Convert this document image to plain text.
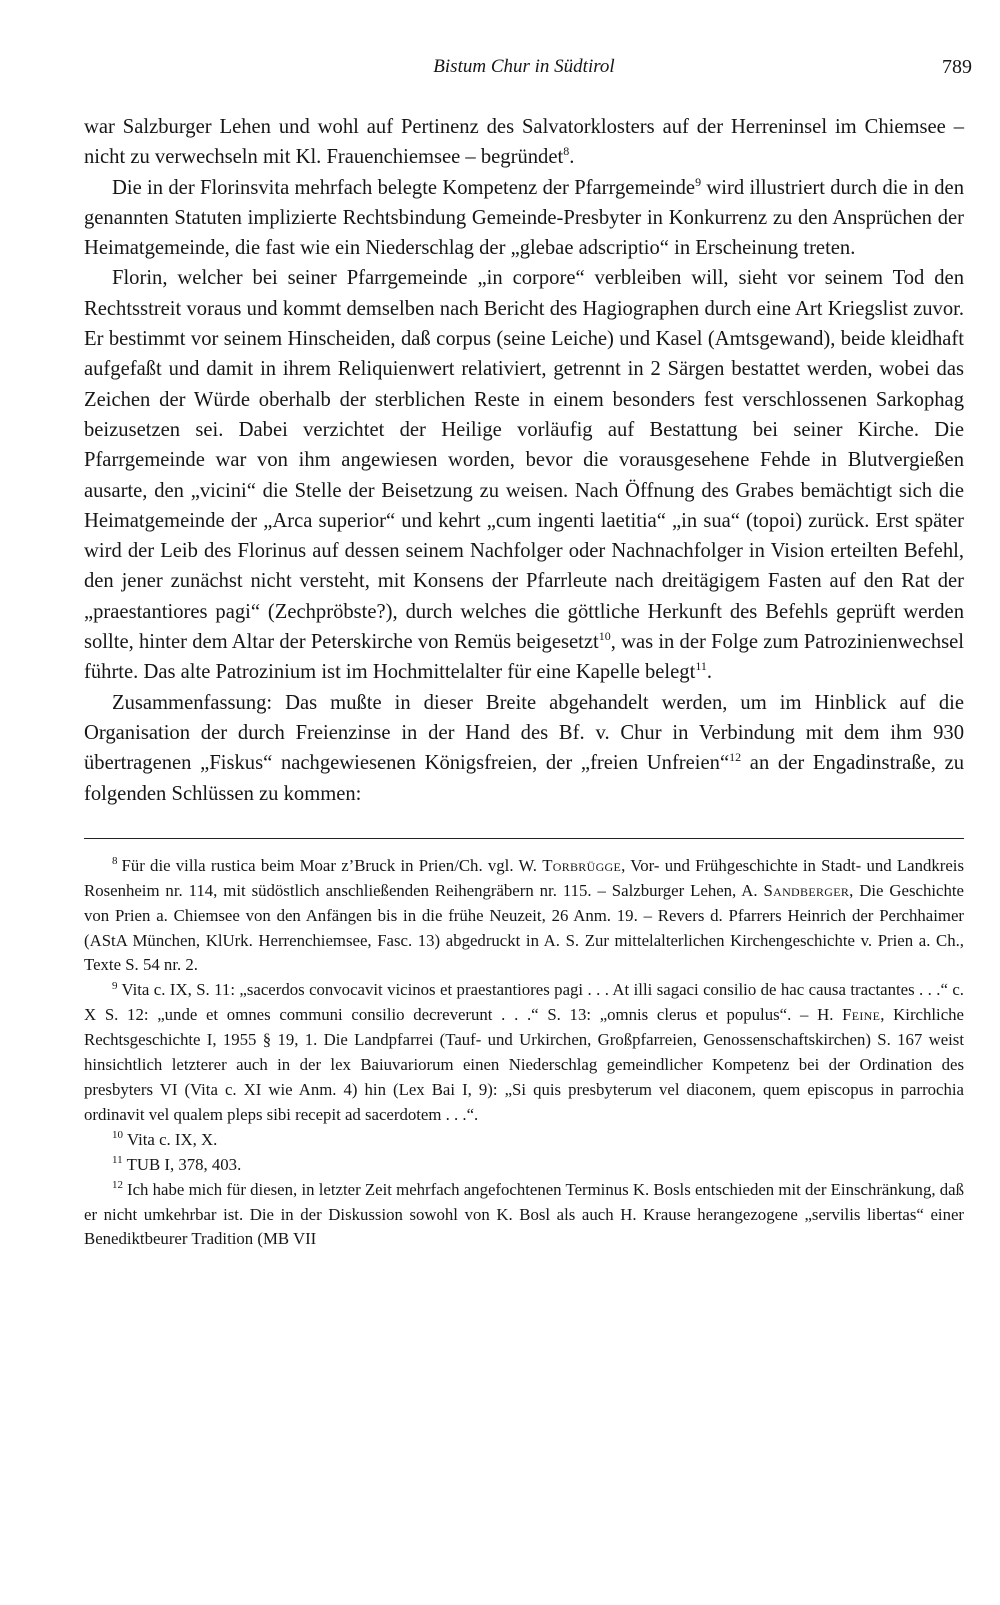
Bistum Chur in Südtirol	789

war Salzburger Lehen und wohl auf Pertinenz des Salvatorklosters auf der Herreninsel im Chiemsee – nicht zu verwechseln mit Kl. Frauenchiemsee – begründet$^8$.

Die in der Florinsvita mehrfach belegte Kompetenz der Pfarrgemeinde$^9$ wird illustriert durch die in den genannten Statuten implizierte Rechtsbindung Gemeinde-Presbyter in Konkurrenz zu den Ansprüchen der Heimatgemeinde, die fast wie ein Niederschlag der „glebae adscriptio“ in Erscheinung treten.

Florin, welcher bei seiner Pfarrgemeinde „in corpore“ verbleiben will, sieht vor seinem Tod den Rechtsstreit voraus und kommt demselben nach Bericht des Hagiographen durch eine Art Kriegslist zuvor. Er bestimmt vor seinem Hinscheiden, daß corpus (seine Leiche) und Kasel (Amtsgewand), beide kleidhaft aufgefaßt und damit in ihrem Reliquienwert relativiert, getrennt in 2 Särgen bestattet werden, wobei das Zeichen der Würde oberhalb der sterblichen Reste in einem besonders fest verschlossenen Sarkophag beizusetzen sei. Dabei verzichtet der Heilige vorläufig auf Bestattung bei seiner Kirche. Die Pfarrgemeinde war von ihm angewiesen worden, bevor die vorausgesehene Fehde in Blutvergießen ausarte, den „vicini“ die Stelle der Beisetzung zu weisen. Nach Öffnung des Grabes bemächtigt sich die Heimatgemeinde der „Arca superior“ und kehrt „cum ingenti laetitia“ „in sua“ (topoi) zurück. Erst später wird der Leib des Florinus auf dessen seinem Nachfolger oder Nachnachfolger in Vision erteilten Befehl, den jener zunächst nicht versteht, mit Konsens der Pfarrleute nach dreitägigem Fasten auf den Rat der „praestantiores pagi“ (Zechpröbste?), durch welches die göttliche Herkunft des Befehls geprüft werden sollte, hinter dem Altar der Peterskirche von Remüs beigesetzt$^{10}$, was in der Folge zum Patrozinienwechsel führte. Das alte Patrozinium ist im Hochmittelalter für eine Kapelle belegt$^{11}$.

Zusammenfassung: Das mußte in dieser Breite abgehandelt werden, um im Hinblick auf die Organisation der durch Freienzinse in der Hand des Bf. v. Chur in Verbindung mit dem ihm 930 übertragenen „Fiskus“ nachgewiesenen Königsfreien, der „freien Unfreien“$^{12}$ an der Engadinstraße, zu folgenden Schlüssen zu kommen:

$^8$ Für die villa rustica beim Moar z’Bruck in Prien/Ch. vgl. W. Torbrügge, Vor- und Frühgeschichte in Stadt- und Landkreis Rosenheim nr. 114, mit südöstlich anschließenden Reihengräbern nr. 115. – Salzburger Lehen, A. Sandberger, Die Geschichte von Prien a. Chiemsee von den Anfängen bis in die frühe Neuzeit, 26 Anm. 19. – Revers d. Pfarrers Heinrich der Perchhaimer (AStA München, KlUrk. Herrenchiemsee, Fasc. 13) abgedruckt in A. S. Zur mittelalterlichen Kirchengeschichte v. Prien a. Ch., Texte S. 54 nr. 2.

$^9$ Vita c. IX, S. 11: „sacerdos convocavit vicinos et praestantiores pagi . . . At illi sagaci consilio de hac causa tractantes . . .“ c. X S. 12: „unde et omnes communi consilio decreverunt . . .“ S. 13: „omnis clerus et populus“. – H. Feine, Kirchliche Rechtsgeschichte I, 1955 § 19, 1. Die Landpfarrei (Tauf- und Urkirchen, Großpfarreien, Genossenschaftskirchen) S. 167 weist hinsichtlich letzterer auch in der lex Baiuvariorum einen Niederschlag gemeindlicher Kompetenz bei der Ordination des presbyters VI (Vita c. XI wie Anm. 4) hin (Lex Bai I, 9): „Si quis presbyterum vel diaconem, quem episcopus in parrochia ordinavit vel qualem pleps sibi recepit ad sacerdotem . . .“.

$^{10}$ Vita c. IX, X.

$^{11}$ TUB I, 378, 403.

$^{12}$ Ich habe mich für diesen, in letzter Zeit mehrfach angefochtenen Terminus K. Bosls entschieden mit der Einschränkung, daß er nicht umkehrbar ist. Die in der Diskussion sowohl von K. Bosl als auch H. Krause herangezogene „servilis libertas“ einer Benediktbeurer Tradition (MB VII
